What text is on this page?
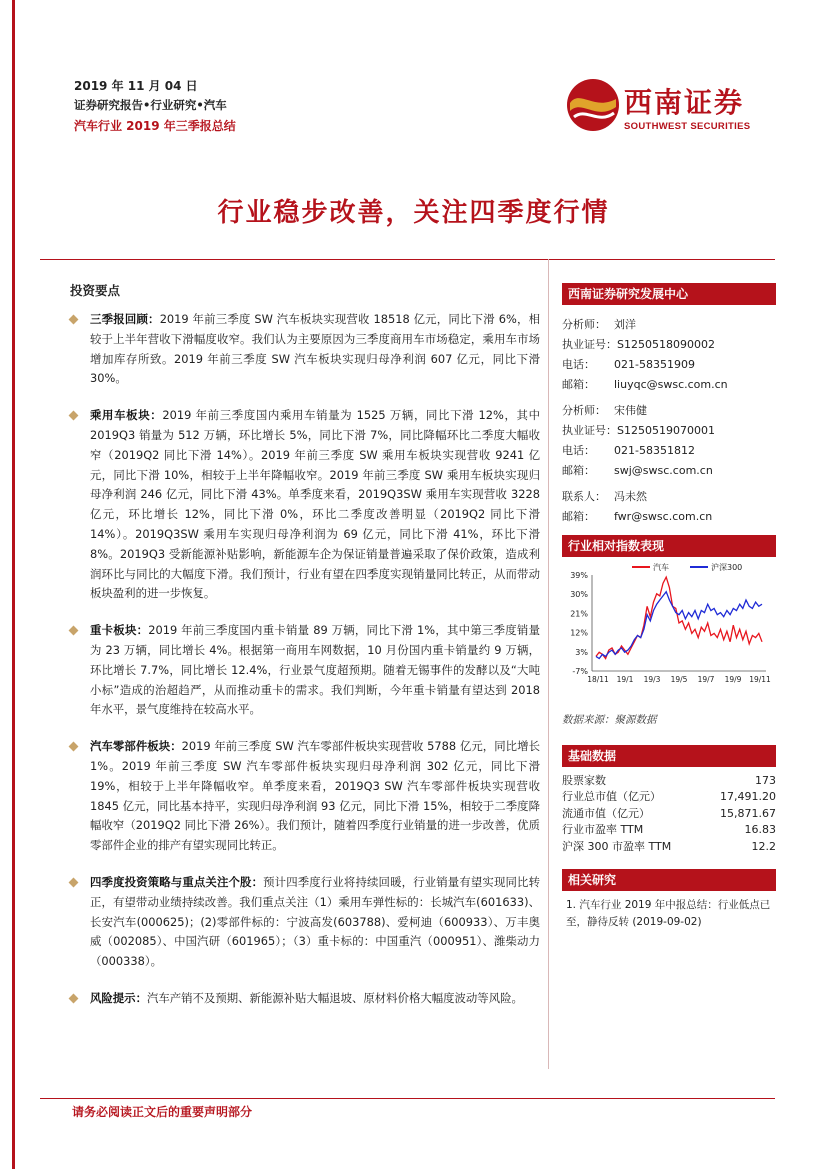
2019 年 11 月 04 日
证券研究报告•行业研究•汽车
汽车行业 2019 年三季报总结
西南证券
SOUTHWEST SECURITIES
行业稳步改善，关注四季度行情
投资要点
三季报回顾：2019 年前三季度 SW 汽车板块实现营收 18518 亿元，同比下滑 6%，相较于上半年营收下滑幅度收窄。我们认为主要原因为三季度商用车市场稳定，乘用车市场增加库存所致。2019 年前三季度 SW 汽车板块实现归母净利润 607 亿元，同比下滑 30%。
乘用车板块：2019 年前三季度国内乘用车销量为 1525 万辆，同比下滑 12%，其中 2019Q3 销量为 512 万辆，环比增长 5%，同比下滑 7%，同比降幅环比二季度大幅收窄（2019Q2 同比下滑 14%）。2019 年前三季度 SW 乘用车板块实现营收 9241 亿元，同比下滑 10%，相较于上半年降幅收窄。2019 年前三季度 SW 乘用车板块实现归母净利润 246 亿元，同比下滑 43%。单季度来看，2019Q3SW 乘用车实现营收 3228 亿元，环比增长 12%，同比下滑 0%，环比二季度改善明显（2019Q2 同比下滑 14%）。2019Q3SW 乘用车实现归母净利润为 69 亿元，同比下滑 41%，环比下滑 8%。2019Q3 受新能源补贴影响，新能源车企为保证销量普遍采取了保价政策，造成利润环比与同比的大幅度下滑。我们预计，行业有望在四季度实现销量同比转正，从而带动板块盈利的进一步恢复。
重卡板块：2019 年前三季度国内重卡销量 89 万辆，同比下滑 1%，其中第三季度销量为 23 万辆，同比增长 4%。根据第一商用车网数据，10 月份国内重卡销量约 9 万辆，环比增长 7.7%，同比增长 12.4%，行业景气度超预期。随着无锡事件的发酵以及“大吨小标”造成的治超趋严，从而推动重卡的需求。我们判断，今年重卡销量有望达到 2018 年水平，景气度维持在较高水平。
汽车零部件板块：2019 年前三季度 SW 汽车零部件板块实现营收 5788 亿元，同比增长 1%。2019 年前三季度 SW 汽车零部件板块实现归母净利润 302 亿元，同比下滑 19%，相较于上半年降幅收窄。单季度来看，2019Q3 SW 汽车零部件板块实现营收 1845 亿元，同比基本持平，实现归母净利润 93 亿元，同比下滑 15%，相较于二季度降幅收窄（2019Q2 同比下滑 26%）。我们预计，随着四季度行业销量的进一步改善，优质零部件企业的排产有望实现同比转正。
四季度投资策略与重点关注个股：预计四季度行业将持续回暖，行业销量有望实现同比转正，有望带动业绩持续改善。我们重点关注（1）乘用车弹性标的：长城汽车(601633)、长安汽车(000625)；(2)零部件标的：宁波高发(603788)、爱柯迪（600933）、万丰奥威（002085）、中国汽研（601965）；（3）重卡标的：中国重汽（000951）、潍柴动力（000338）。
风险提示：汽车产销不及预期、新能源补贴大幅退坡、原材料价格大幅度波动等风险。
西南证券研究发展中心
分析师： 刘洋
执业证号：S1250518090002
电话： 021-58351909
邮箱： liuyqc@swsc.com.cn
分析师： 宋伟健
执业证号：S1250519070001
电话： 021-58351812
邮箱： swj@swsc.com.cn
联系人： 冯未然
邮箱： fwr@swsc.com.cn
行业相对指数表现
39%
30%
21%
12%
3%
-7%
18/11 19/1 19/3 19/5 19/7 19/9 19/11
汽车	沪深300
数据来源：聚源数据
基础数据
股票家数	173
行业总市值（亿元）	17,491.20
流通市值（亿元）	15,871.67
行业市盈率 TTM	16.83
沪深 300 市盈率 TTM	12.2
相关研究
1. 汽车行业 2019 年中报总结：行业低点已至，静待反转 (2019-09-02)
请务必阅读正文后的重要声明部分
